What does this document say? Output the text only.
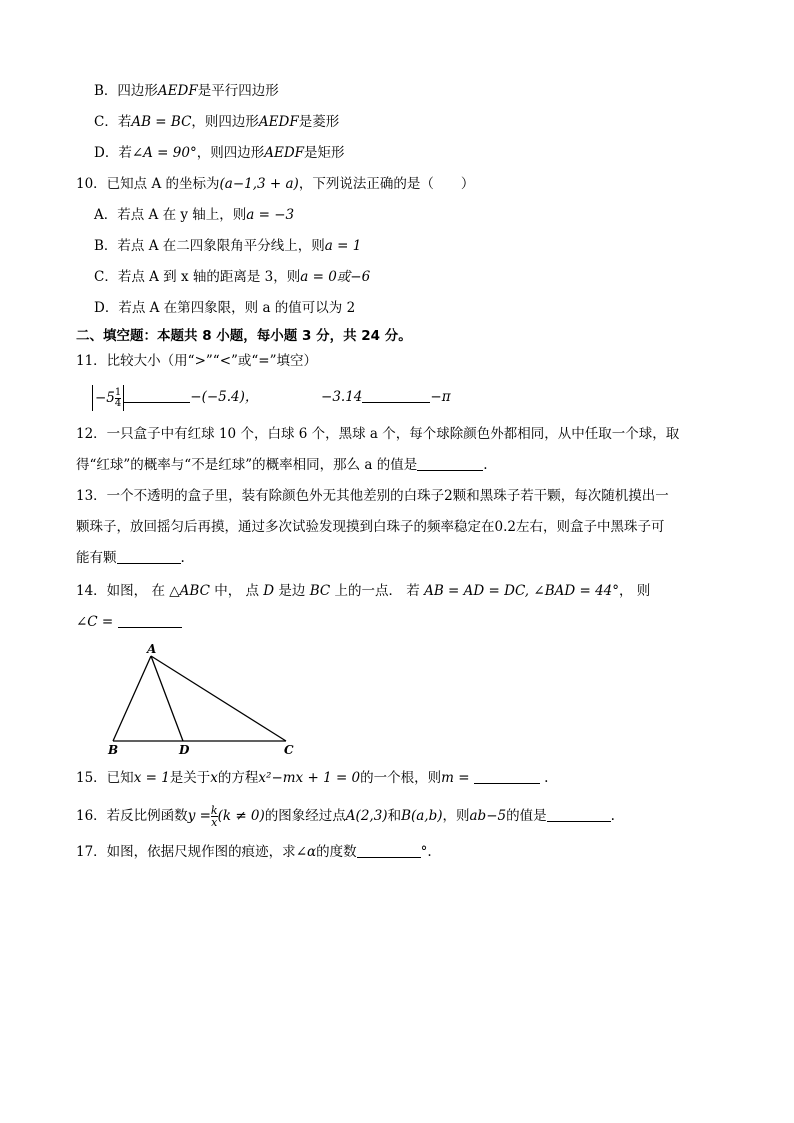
B．四边形AEDF是平行四边形
C．若AB = BC，则四边形AEDF是菱形
D．若∠A = 90°，则四边形AEDF是矩形
10．已知点 A 的坐标为(a−1,3 + a)，下列说法正确的是（　　）
A．若点 A 在 y 轴上，则a = −3
B．若点 A 在二四象限角平分线上，则a = 1
C．若点 A 到 x 轴的距离是 3，则a = 0或−6
D．若点 A 在第四象限，则 a 的值可以为 2
二、填空题：本题共 8 小题，每小题 3 分，共 24 分。
11．比较大小（用“>”“<”或“=”填空）
$-5 \frac{1}{4}$	−(−5.4)，	−3.14	−π
12．一只盒子中有红球 10 个，白球 6 个，黑球 a 个，每个球除颜色外都相同，从中任取一个球，取
得“红球”的概率与“不是红球”的概率相同，那么 a 的值是	.
13．一个不透明的盒子里，装有除颜色外无其他差别的白珠子2颗和黑珠子若干颗，每次随机摸出一
颗珠子，放回摇匀后再摸，通过多次试验发现摸到白珠子的频率稳定在0.2左右，则盒子中黑珠子可
能有颗	.
14．如图， 在 △ABC 中， 点 D 是边 BC 上的一点． 若 AB = AD = DC, ∠BAD = 44°， 则
∠C =
A
B	D	C
15．已知x = 1是关于x的方程x²−mx + 1 = 0的一个根，则m =	.
16．若反比例函数$y = \frac{k}{x} (k \ne 0)$的图象经过点A(2,3)和B(a,b)，则ab−5的值是	.
17．如图，依据尺规作图的痕迹，求∠α的度数	°.
